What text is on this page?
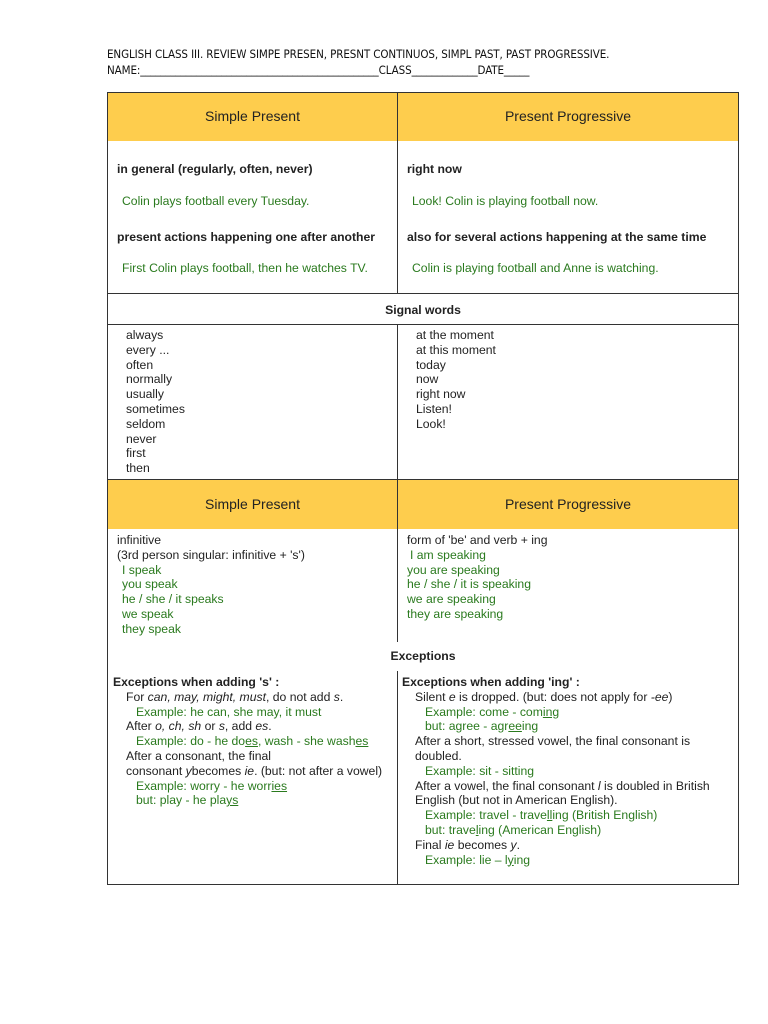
ENGLISH CLASS III. REVIEW SIMPE PRESEN, PRESNT CONTINUOS, SIMPL PAST, PAST PROGRESSIVE.
NAME:_______________________________________________CLASS_____________DATE_____
Simple Present	Present Progressive
in general (regularly, often, never)
Colin plays football every Tuesday.
present actions happening one after another
First Colin plays football, then he watches TV.
right now
Look! Colin is playing football now.
also for several actions happening at the same time
Colin is playing football and Anne is watching.
Signal words
always
every ...
often
normally
usually
sometimes
seldom
never
first
then
at the moment
at this moment
today
now
right now
Listen!
Look!
Simple Present	Present Progressive
infinitive
(3rd person singular: infinitive + 's')
I speak
you speak
he / she / it speaks
we speak
they speak
form of 'be' and verb + ing
I am speaking
you are speaking
he / she / it is speaking
we are speaking
they are speaking
Exceptions
Exceptions when adding 's' :
For can, may, might, must, do not add s.
Example: he can, she may, it must
After o, ch, sh or s, add es.
Example: do - he does, wash - she washes
After a consonant, the final
consonant ybecomes ie. (but: not after a vowel)
Example: worry - he worries
but: play - he plays
Exceptions when adding 'ing' :
Silent e is dropped. (but: does not apply for -ee)
Example: come - coming
but: agree - agreeing
After a short, stressed vowel, the final consonant is
doubled.
Example: sit - sitting
After a vowel, the final consonant l is doubled in British
English (but not in American English).
Example: travel - travelling (British English)
but: traveling (American English)
Final ie becomes y.
Example: lie – lying
